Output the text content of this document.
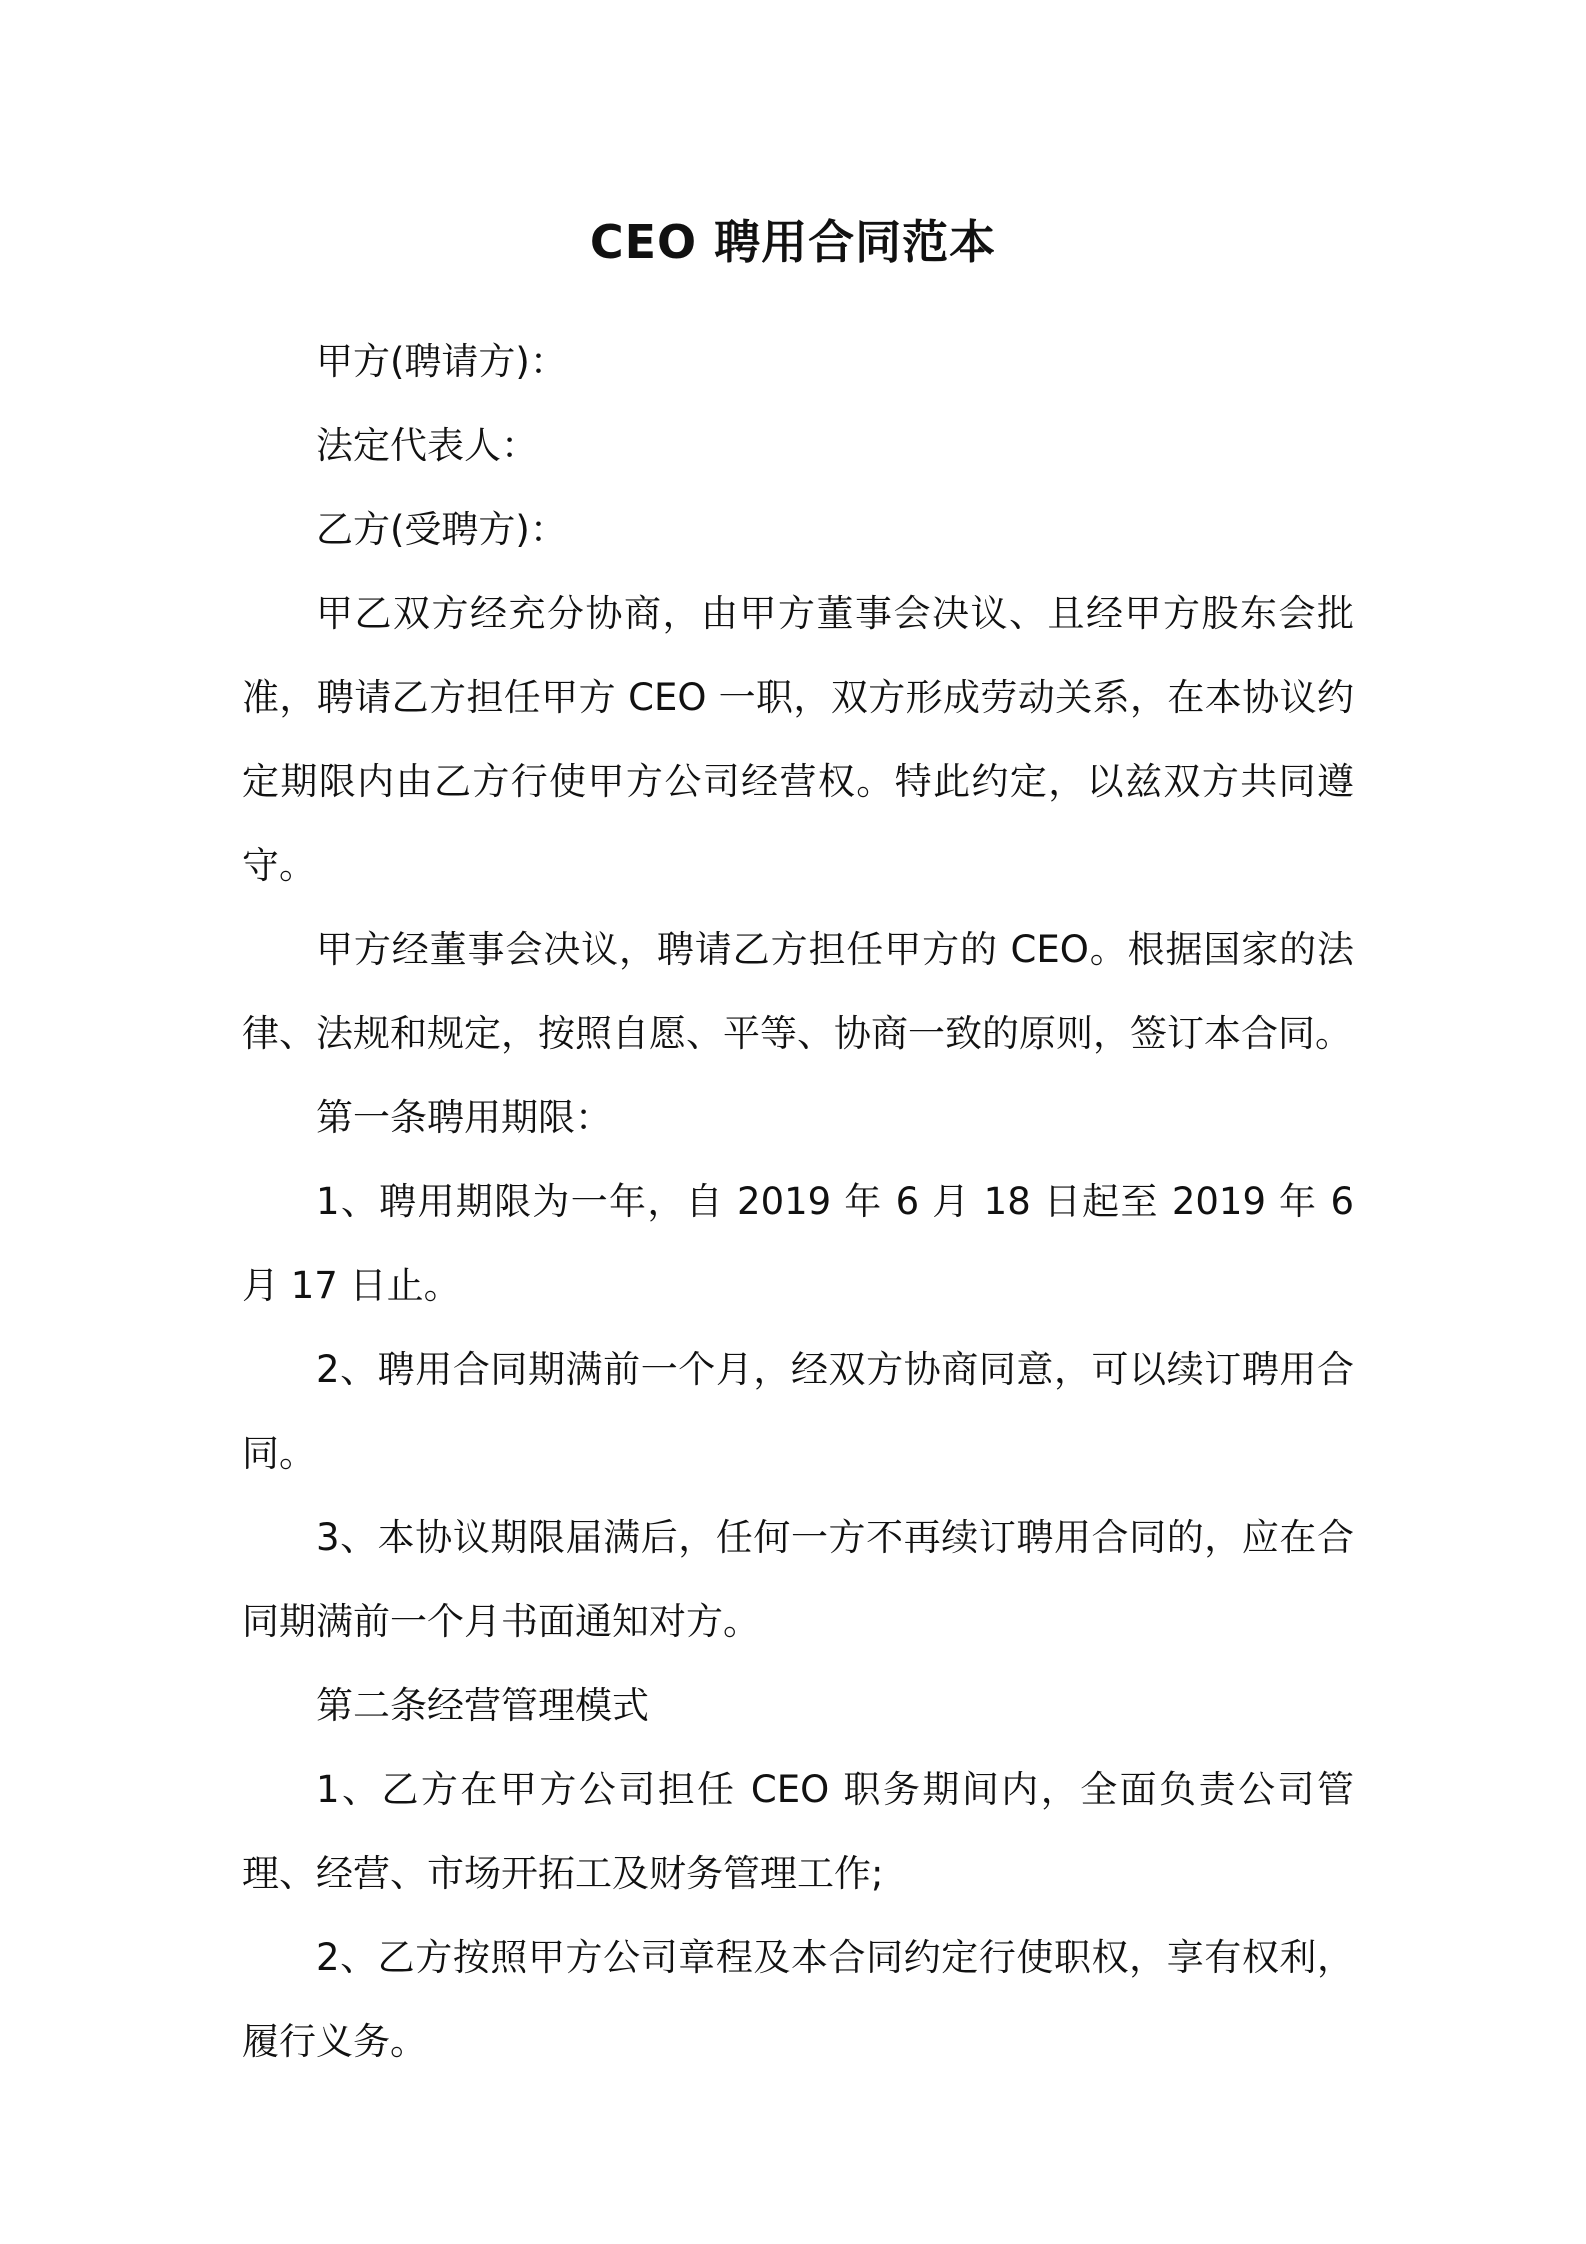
CEO 聘用合同范本

甲方(聘请方)：

法定代表人：

乙方(受聘方)：

甲乙双方经充分协商，由甲方董事会决议、且经甲方股东会批准，聘请乙方担任甲方 CEO 一职，双方形成劳动关系，在本协议约定期限内由乙方行使甲方公司经营权。特此约定，以兹双方共同遵守。

甲方经董事会决议，聘请乙方担任甲方的 CEO。根据国家的法律、法规和规定，按照自愿、平等、协商一致的原则，签订本合同。

第一条聘用期限：

1、聘用期限为一年，自 2019 年 6 月 18 日起至 2019 年 6 月 17 日止。

2、聘用合同期满前一个月，经双方协商同意，可以续订聘用合同。

3、本协议期限届满后，任何一方不再续订聘用合同的，应在合同期满前一个月书面通知对方。

第二条经营管理模式

1、乙方在甲方公司担任 CEO 职务期间内，全面负责公司管理、经营、市场开拓工及财务管理工作;

2、乙方按照甲方公司章程及本合同约定行使职权，享有权利，履行义务。
